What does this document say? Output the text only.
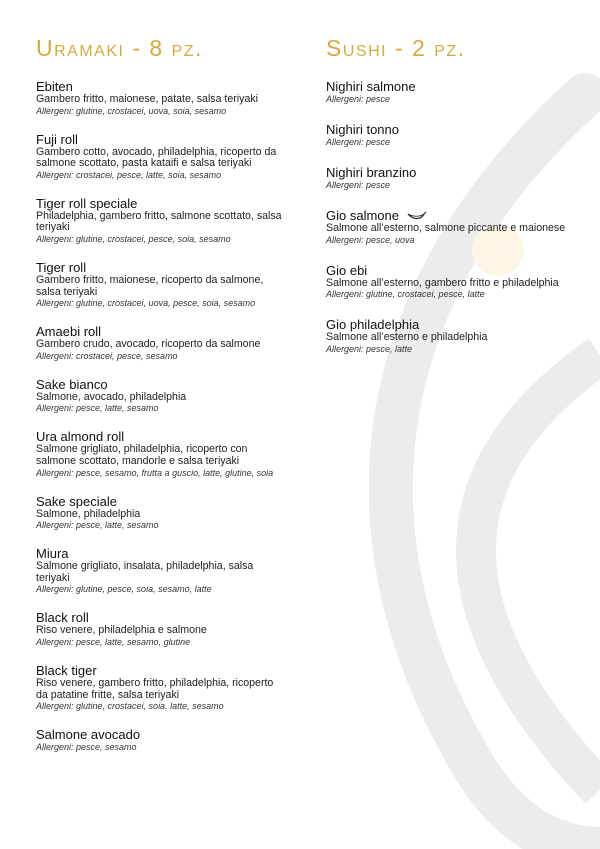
Uramaki - 8 pz.
Ebiten
Gambero fritto, maionese, patate, salsa teriyaki
Allergeni: glutine, crostacei, uova, soia, sesamo
Fuji roll
Gambero cotto, avocado, philadelphia, ricoperto da salmone scottato, pasta kataifi e salsa teriyaki
Allergeni: crostacei, pesce, latte, soia, sesamo
Tiger roll speciale
Philadelphia, gambero fritto, salmone scottato, salsa teriyaki
Allergeni: glutine, crostacei, pesce, soia, sesamo
Tiger roll
Gambero fritto, maionese, ricoperto da salmone, salsa teriyaki
Allergeni: glutine, crostacei, uova, pesce, soia, sesamo
Amaebi roll
Gambero crudo, avocado, ricoperto da salmone
Allergeni: crostacei, pesce, sesamo
Sake bianco
Salmone, avocado, philadelphia
Allergeni: pesce, latte, sesamo
Ura almond roll
Salmone grigliato, philadelphia, ricoperto con salmone scottato, mandorle e salsa teriyaki
Allergeni: pesce, sesamo, frutta a guscio, latte, glutine, soia
Sake speciale
Salmone, philadelphia
Allergeni: pesce, latte, sesamo
Miura
Salmone grigliato, insalata, philadelphia, salsa teriyaki
Allergeni: glutine, pesce, soia, sesamo, latte
Black roll
Riso venere, philadelphia e salmone
Allergeni: pesce, latte, sesamo, glutine
Black tiger
Riso venere, gambero fritto, philadelphia, ricoperto da patatine fritte, salsa teriyaki
Allergeni: glutine, crostacei, soia, latte, sesamo
Salmone avocado
Allergeni: pesce, sesamo
Sushi - 2 pz.
Nighiri salmone
Allergeni: pesce
Nighiri tonno
Allergeni: pesce
Nighiri branzino
Allergeni: pesce
Gio salmone
Salmone all’esterno, salmone piccante e maionese
Allergeni: pesce, uova
Gio ebi
Salmone all’esterno, gambero fritto e philadelphia
Allergeni: glutine, crostacei, pesce, latte
Gio philadelphia
Salmone all’esterno e philadelphia
Allergeni: pesce, latte
